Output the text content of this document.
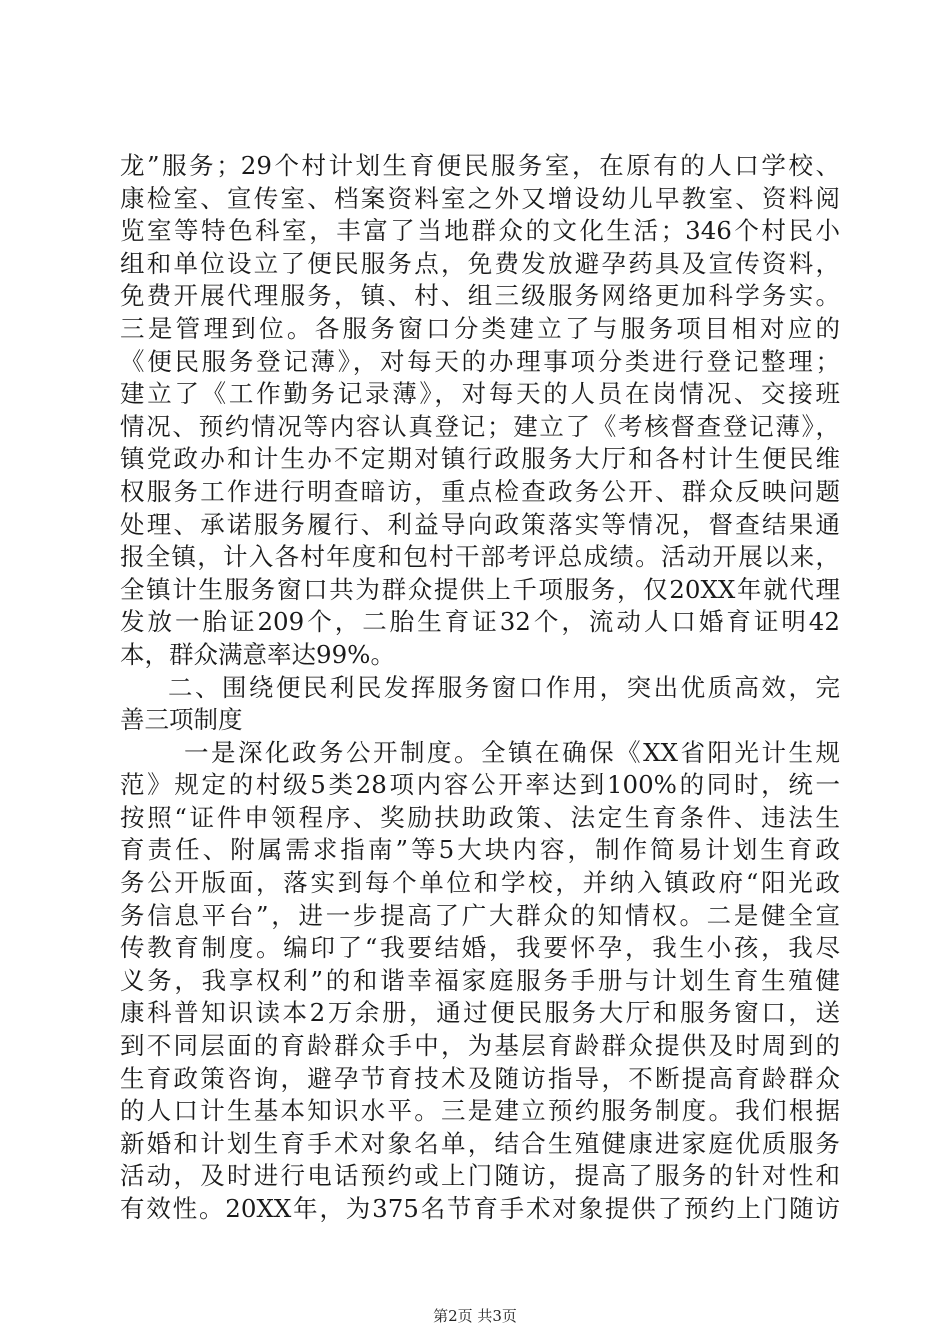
龙”服务；29个村计划生育便民服务室，在原有的人口学校、
康检室、宣传室、档案资料室之外又增设幼儿早教室、资料阅
览室等特色科室，丰富了当地群众的文化生活；346个村民小
组和单位设立了便民服务点，免费发放避孕药具及宣传资料，
免费开展代理服务，镇、村、组三级服务网络更加科学务实。
三是管理到位。各服务窗口分类建立了与服务项目相对应的
《便民服务登记薄》，对每天的办理事项分类进行登记整理；
建立了《工作勤务记录薄》，对每天的人员在岗情况、交接班
情况、预约情况等内容认真登记；建立了《考核督查登记薄》，
镇党政办和计生办不定期对镇行政服务大厅和各村计生便民维
权服务工作进行明查暗访，重点检查政务公开、群众反映问题
处理、承诺服务履行、利益导向政策落实等情况，督查结果通
报全镇，计入各村年度和包村干部考评总成绩。活动开展以来，
全镇计生服务窗口共为群众提供上千项服务，仅20XX年就代理
发放一胎证209个，二胎生育证32个，流动人口婚育证明42
本，群众满意率达99%。
二、围绕便民利民发挥服务窗口作用，突出优质高效，完
善三项制度
一是深化政务公开制度。全镇在确保《XX省阳光计生规
范》规定的村级5类28项内容公开率达到100%的同时，统一
按照“证件申领程序、奖励扶助政策、法定生育条件、违法生
育责任、附属需求指南”等5大块内容，制作简易计划生育政
务公开版面，落实到每个单位和学校，并纳入镇政府“阳光政
务信息平台”，进一步提高了广大群众的知情权。二是健全宣
传教育制度。编印了“我要结婚，我要怀孕，我生小孩，我尽
义务，我享权利”的和谐幸福家庭服务手册与计划生育生殖健
康科普知识读本2万余册，通过便民服务大厅和服务窗口，送
到不同层面的育龄群众手中，为基层育龄群众提供及时周到的
生育政策咨询，避孕节育技术及随访指导，不断提高育龄群众
的人口计生基本知识水平。三是建立预约服务制度。我们根据
新婚和计划生育手术对象名单，结合生殖健康进家庭优质服务
活动，及时进行电话预约或上门随访，提高了服务的针对性和
有效性。20XX年，为375名节育手术对象提供了预约上门随访
第2页 共3页
